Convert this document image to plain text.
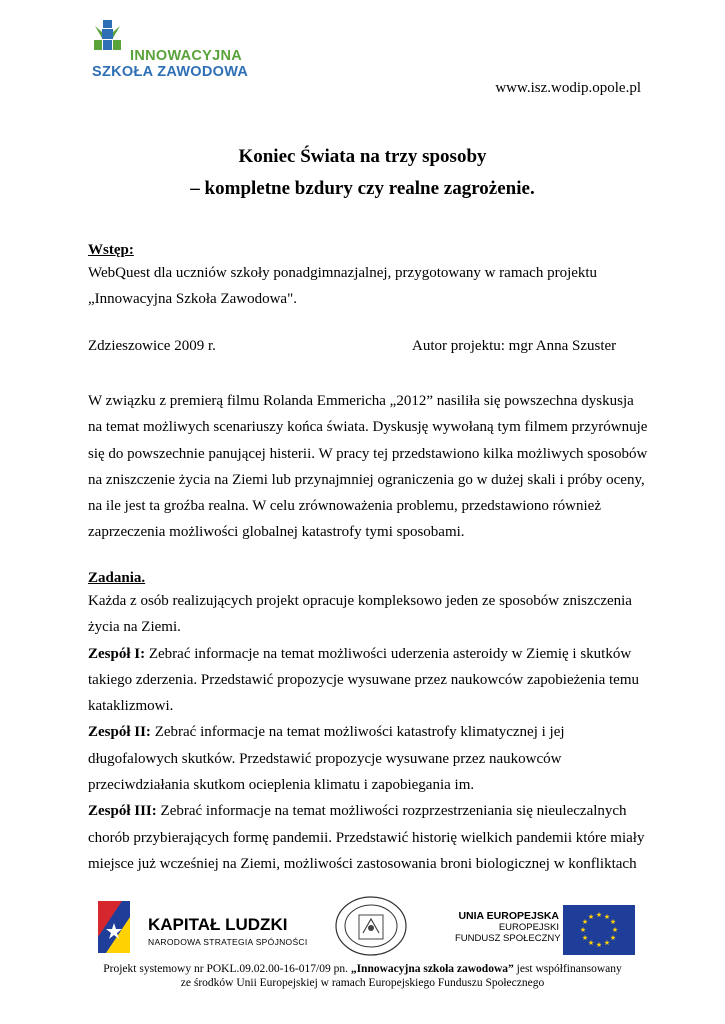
INNOWACYJNA
SZKOŁA ZAWODOWA
www.isz.wodip.opole.pl
Koniec Świata na trzy sposoby
– kompletne bzdury czy realne zagrożenie.
Wstęp:
WebQuest dla uczniów szkoły ponadgimnazjalnej, przygotowany w ramach projektu „Innowacyjna Szkoła Zawodowa".
Zdzieszowice 2009 r.	Autor projektu: mgr Anna Szuster
W związku z premierą filmu Rolanda Emmericha „2012” nasiliła się powszechna dyskusja na temat możliwych scenariuszy końca świata. Dyskusję wywołaną tym filmem przyrównuje się do powszechnie panującej histerii. W pracy tej przedstawiono kilka możliwych sposobów na zniszczenie życia na Ziemi lub przynajmniej ograniczenia go w dużej skali i próby oceny, na ile jest ta groźba realna. W celu zrównoważenia problemu, przedstawiono również zaprzeczenia możliwości globalnej katastrofy tymi sposobami.
Zadania.
Każda z osób realizujących projekt opracuje kompleksowo jeden ze sposobów zniszczenia życia na Ziemi.
Zespół I: Zebrać informacje na temat możliwości uderzenia asteroidy w Ziemię i skutków takiego zderzenia. Przedstawić propozycje wysuwane przez naukowców zapobieżenia temu kataklizmowi.
Zespół II: Zebrać informacje na temat możliwości katastrofy klimatycznej i jej długofalowych skutków. Przedstawić propozycje wysuwane przez naukowców przeciwdziałania skutkom ocieplenia klimatu i zapobiegania im.
Zespół III: Zebrać informacje na temat możliwości rozprzestrzeniania się nieuleczalnych chorób przybierających formę pandemii. Przedstawić historię wielkich pandemii które miały miejsce już wcześniej na Ziemi, możliwości zastosowania broni biologicznej w konfliktach
KAPITAŁ LUDZKI
NARODOWA STRATEGIA SPÓJNOŚCI
UNIA EUROPEJSKA
EUROPEJSKI
FUNDUSZ SPOŁECZNY
★ ★
★
★
★
★
★
★
★
★
★
★
Projekt systemowy nr POKL.09.02.00-16-017/09 pn. „Innowacyjna szkoła zawodowa” jest współfinansowany
ze środków Unii Europejskiej w ramach Europejskiego Funduszu Społecznego
